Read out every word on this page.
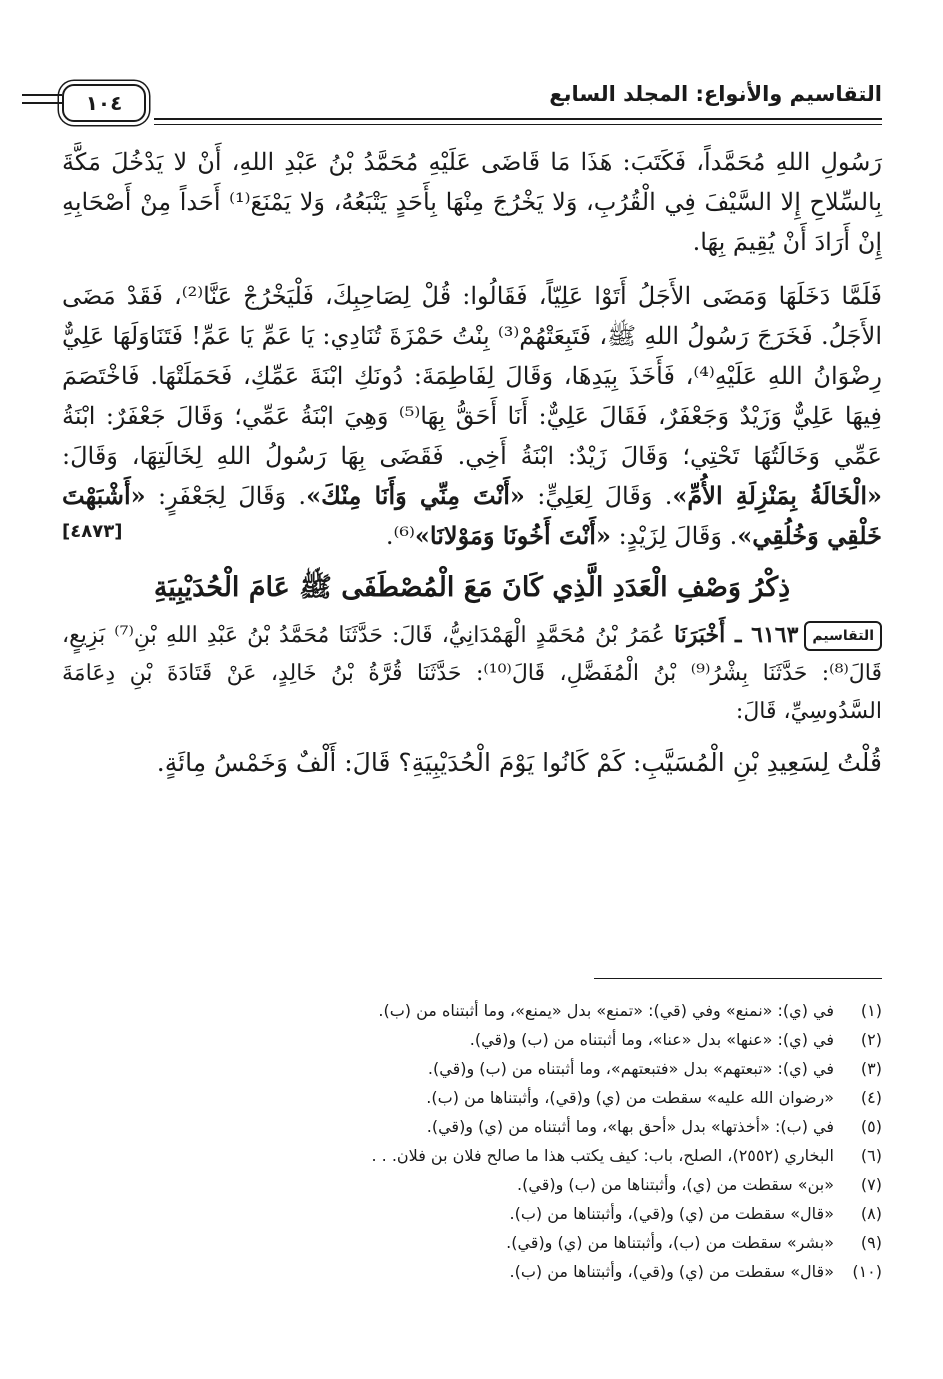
التقاسيم والأنواع: المجلد السابع
١٠٤

رَسُولِ اللهِ مُحَمَّداً، فَكَتَبَ: هَذَا مَا قَاضَى عَلَيْهِ مُحَمَّدُ بْنُ عَبْدِ اللهِ، أَنْ لا يَدْخُلَ مَكَّةَ بِالسِّلاحِ إِلا السَّيْفَ فِي الْقُرُبِ، وَلا يَخْرُجَ مِنْهَا بِأَحَدٍ يَتْبَعُهُ، وَلا يَمْنَعَ⁽¹⁾ أَحَداً مِنْ أَصْحَابِهِ إِنْ أَرَادَ أَنْ يُقِيمَ بِهَا.

فَلَمَّا دَخَلَهَا وَمَضَى الأَجَلُ أَتَوْا عَلِيّاً، فَقَالُوا: قُلْ لِصَاحِبِكَ، فَلْيَخْرُجْ عَنَّا⁽²⁾، فَقَدْ مَضَى الأَجَلُ. فَخَرَجَ رَسُولُ اللهِ ﷺ، فَتَبِعَتْهُمْ⁽³⁾ بِنْتُ حَمْزَةَ تُنَادِي: يَا عَمِّ يَا عَمِّ! فَتَنَاوَلَهَا عَلِيٌّ رِضْوَانُ اللهِ عَلَيْهِ⁽⁴⁾، فَأَخَذَ بِيَدِهَا، وَقَالَ لِفَاطِمَةَ: دُونَكِ ابْنَةَ عَمِّكِ، فَحَمَلَتْهَا. فَاخْتَصَمَ فِيهَا عَلِيٌّ وَزَيْدٌ وَجَعْفَرٌ، فَقَالَ عَلِيٌّ: أَنَا أَحَقُّ بِهَا⁽⁵⁾ وَهِيَ ابْنَةُ عَمِّي؛ وَقَالَ جَعْفَرٌ: ابْنَةُ عَمِّي وَخَالَتُهَا تَحْتِي؛ وَقَالَ زَيْدٌ: ابْنَةُ أَخِي. فَقَضَى بِهَا رَسُولُ اللهِ لِخَالَتِهَا، وَقَالَ: «الْخَالَةُ بِمَنْزِلَةِ الأُمِّ». وَقَالَ لِعَلِيٍّ: «أَنْتَ مِنِّي وَأَنَا مِنْكَ». وَقَالَ لِجَعْفَرٍ: «أَشْبَهْتَ خَلْقِي وَخُلُقِي». وَقَالَ لِزَيْدٍ: «أَنْتَ أَخُونَا وَمَوْلانَا»⁽⁶⁾.

[٤٨٧٣]
ذِكْرُ وَصْفِ الْعَدَدِ الَّذِي كَانَ مَعَ الْمُصْطَفَى ﷺ عَامَ الْحُدَيْبِيَةِ
التقاسيم٦١٦٣ ـ أَخْبَرَنَا عُمَرُ بْنُ مُحَمَّدٍ الْهَمْدَانِيُّ، قَالَ: حَدَّثَنَا مُحَمَّدُ بْنُ عَبْدِ اللهِ بْنِ⁽⁷⁾ بَزِيعٍ، قَالَ⁽⁸⁾: حَدَّثَنَا بِشْرُ⁽⁹⁾ بْنُ الْمُفَضَّلِ، قَالَ⁽¹⁰⁾: حَدَّثَنَا قُرَّةُ بْنُ خَالِدٍ، عَنْ قَتَادَةَ بْنِ دِعَامَةَ السَّدُوسِيِّ، قَالَ:
قُلْتُ لِسَعِيدِ بْنِ الْمُسَيَّبِ: كَمْ كَانُوا يَوْمَ الْحُدَيْبِيَةِ؟ قَالَ: أَلْفٌ وَخَمْسُ مِائَةٍ.
(١)
في (ي): «نمنع» وفي (قي): «تمنع» بدل «يمنع»، وما أثبتناه من (ب).
(٢)
في (ي): «عنها» بدل «عنا»، وما أثبتناه من (ب) و(قي).
(٣)
في (ي): «تبعتهم» بدل «فتبعتهم»، وما أثبتناه من (ب) و(قي).
(٤)
«رضوان الله عليه» سقطت من (ي) و(قي)، وأثبتناها من (ب).
(٥)
في (ب): «أخذتها» بدل «أحق بها»، وما أثبتناه من (ي) و(قي).
(٦)
البخاري (٢٥٥٢)، الصلح، باب: كيف يكتب هذا ما صالح فلان بن فلان. . .
(٧)
«بن» سقطت من (ي)، وأثبتناها من (ب) و(قي).
(٨)
«قال» سقطت من (ي) و(قي)، وأثبتناها من (ب).
(٩)
«بشر» سقطت من (ب)، وأثبتناها من (ي) و(قي).
(١٠)
«قال» سقطت من (ي) و(قي)، وأثبتناها من (ب).
